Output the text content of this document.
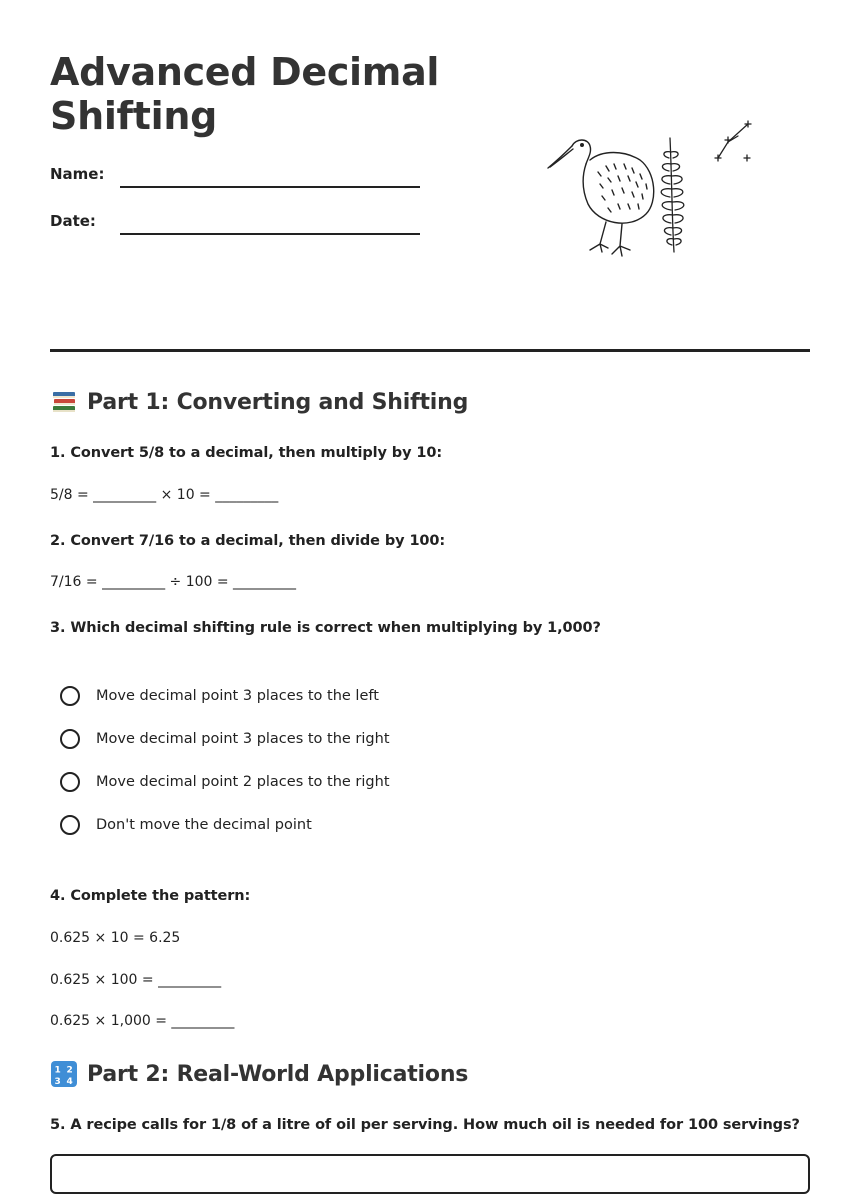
Advanced Decimal Shifting
Name:
Date:
Part 1: Converting and Shifting
1. Convert 5/8 to a decimal, then multiply by 10:
5/8 = _________ × 10 = _________
2. Convert 7/16 to a decimal, then divide by 100:
7/16 = _________ ÷ 100 = _________
3. Which decimal shifting rule is correct when multiplying by 1,000?
Move decimal point 3 places to the left
Move decimal point 3 places to the right
Move decimal point 2 places to the right
Don't move the decimal point
4. Complete the pattern:
0.625 × 10 = 6.25
0.625 × 100 = _________
0.625 × 1,000 = _________
1 2
3 4 Part 2: Real-World Applications
5. A recipe calls for 1/8 of a litre of oil per serving. How much oil is needed for 100 servings?
